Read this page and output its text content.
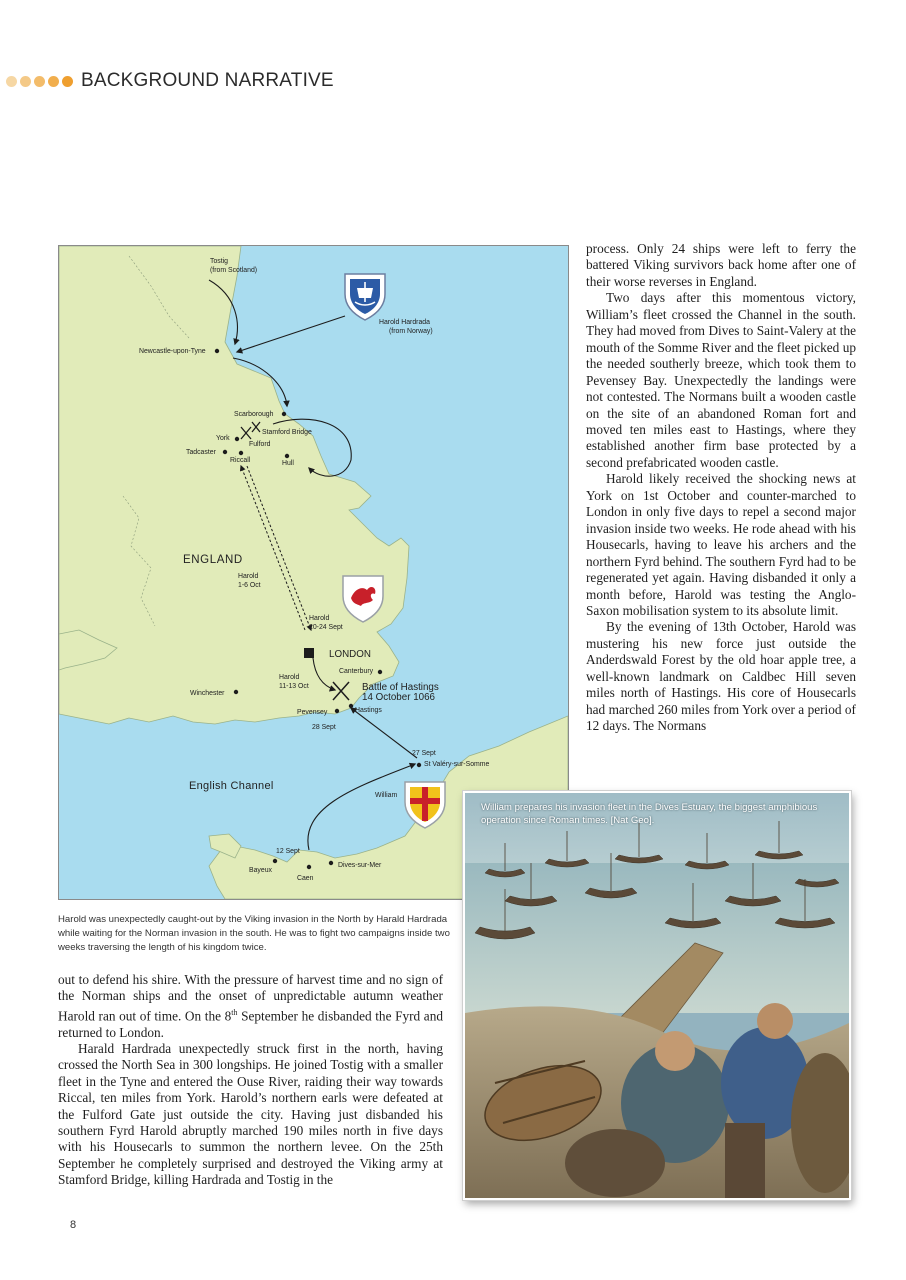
BACKGROUND NARRATIVE
Tostig
(from Scotland)
Harold Hardrada
(from Norway)
Newcastle-upon-Tyne
Scarborough
Stamford Bridge
York
Fulford
Tadcaster
Riccall	Hull
ENGLAND
Harold
1-6 Oct
Harold
20-24 Sept
LONDON
Canterbury
Harold
11-13 Oct	Battle of Hastings
14 October 1066
Winchester
Pevensey	Hastings
28 Sept
27 Sept
St Valéry-sur-Somme
English Channel
William
12 Sept
Bayeux
Caen
Dives-sur-Mer
Harold was unexpectedly caught-out by the Viking invasion in the North by Harald Hardrada while waiting for the Norman invasion in the south. He was to fight two campaigns inside two weeks traversing the length of his kingdom twice.

out to defend his shire. With the pressure of harvest time and no sign of the Norman ships and the onset of unpredictable autumn weather Harold ran out of time. On the 8th September he disbanded the Fyrd and returned to London.

Harald Hardrada unexpectedly struck first in the north, having crossed the North Sea in 300 longships. He joined Tostig with a smaller fleet in the Tyne and entered the Ouse River, raiding their way towards Riccal, ten miles from York. Harold’s northern earls were defeated at the Fulford Gate just outside the city. Having just disbanded his southern Fyrd Harold abruptly marched 190 miles north in five days with his Housecarls to summon the northern levee. On the 25th September he completely surprised and destroyed the Viking army at Stamford Bridge, killing Hardrada and Tostig in the

process. Only 24 ships were left to ferry the battered Viking survivors back home after one of their worse reverses in England.

Two days after this momentous victory, William’s fleet crossed the Channel in the south. They had moved from Dives to Saint-Valery at the mouth of the Somme River and the fleet picked up the needed southerly breeze, which took them to Pevensey Bay. Unexpectedly the landings were not contested. The Normans built a wooden castle on the site of an abandoned Roman fort and moved ten miles east to Hastings, where they established another firm base protected by a second prefabricated wooden castle.

Harold likely received the shocking news at York on 1st October and counter-marched to London in only five days to repel a second major invasion inside two weeks. He rode ahead with his Housecarls, having to leave his archers and the northern Fyrd behind. The southern Fyrd had to be regenerated yet again. Having disbanded it only a month before, Harold was testing the Anglo-Saxon mobilisation system to its absolute limit.

By the evening of 13th October, Harold was mustering his new force just outside the Anderdswald Forest by the old hoar apple tree, a well-known landmark on Caldbec Hill seven miles north of Hastings. His core of Housecarls had marched 260 miles from York over a period of 12 days. The Normans

William prepares his invasion fleet in the Dives Estuary, the biggest amphibious operation since Roman times. [Nat Geo].
8
